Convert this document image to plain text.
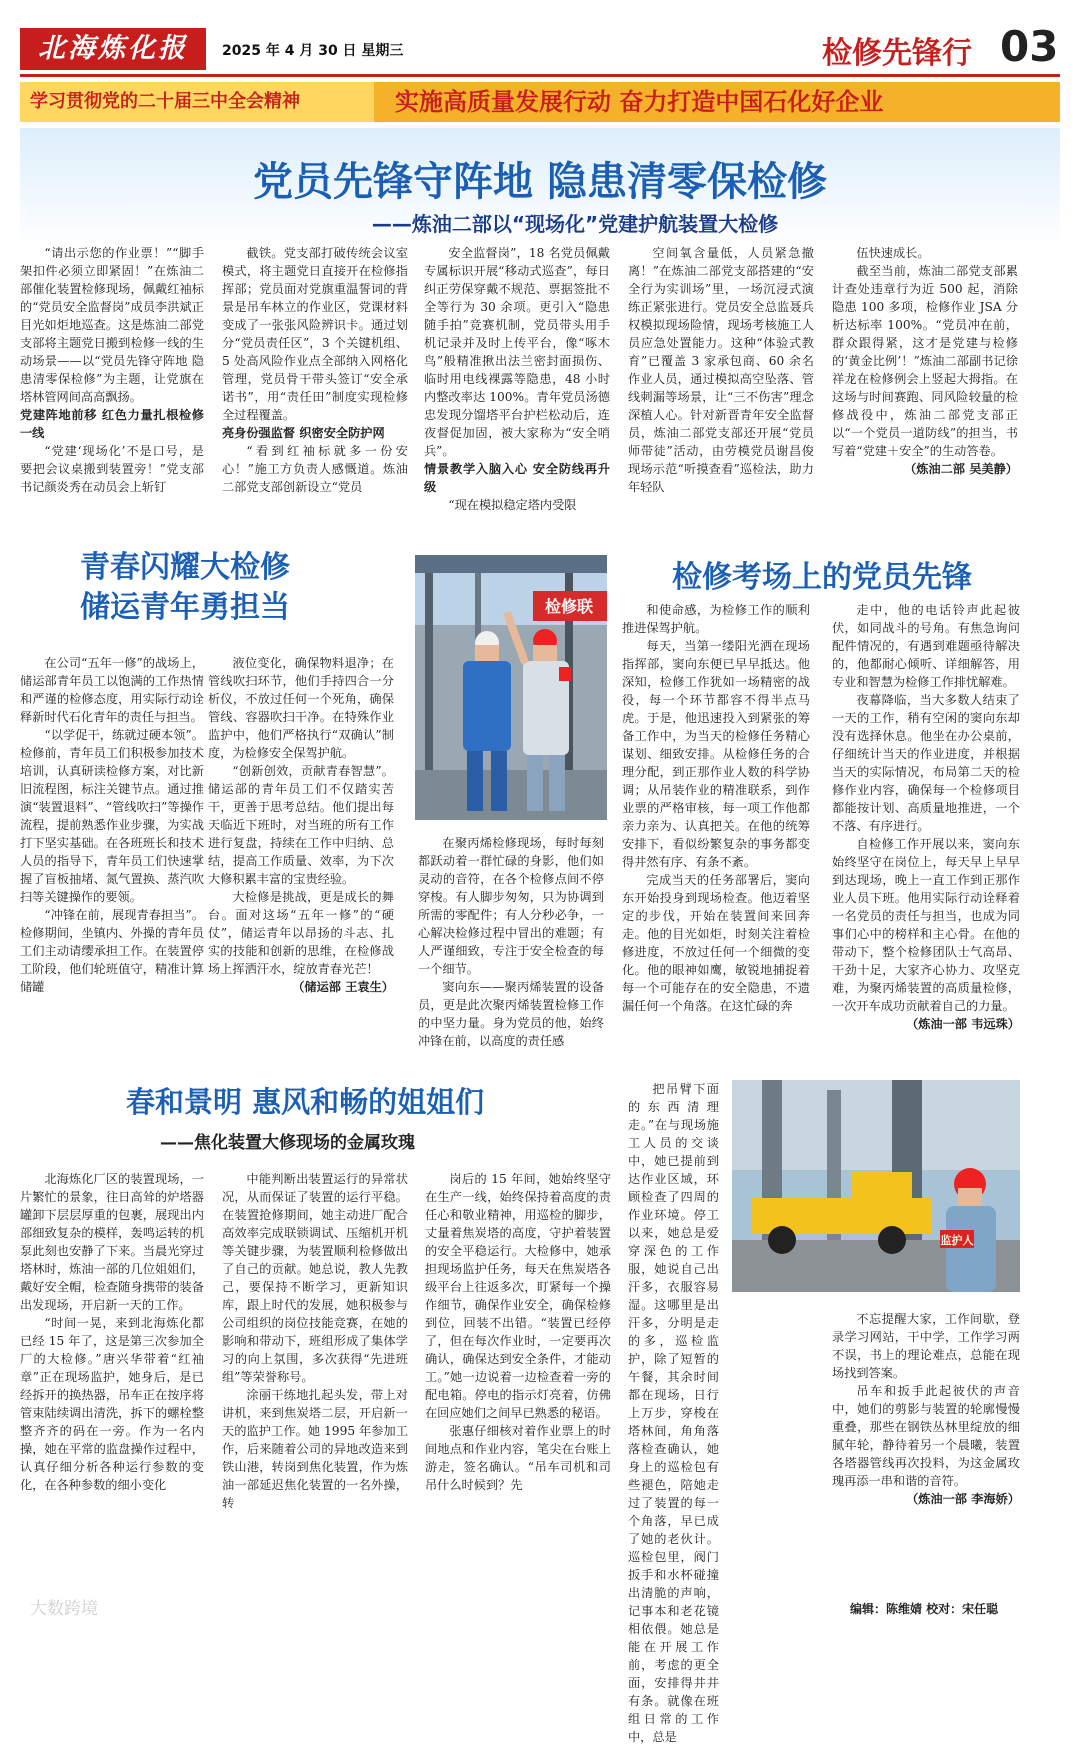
北海炼化报	2025 年 4 月 30 日 星期三	检修先锋行 03
学习贯彻党的二十届三中全会精神	实施高质量发展行动 奋力打造中国石化好企业
党员先锋守阵地 隐患清零保检修
——炼油二部以“现场化”党建护航装置大检修

“请出示您的作业票！”“脚手架扣件必须立即紧固！”在炼油二部催化装置检修现场，佩戴红袖标的“党员安全监督岗”成员李洪斌正目光如炬地巡查。这是炼油二部党支部将主题党日搬到检修一线的生动场景——以“党员先锋守阵地 隐患清零保检修”为主题，让党旗在塔林管网间高高飘扬。

党建阵地前移 红色力量扎根检修一线

“党建‘现场化’不是口号，是要把会议桌搬到装置旁！”党支部书记颜炎秀在动员会上斩钉

截铁。党支部打破传统会议室模式，将主题党日直接开在检修指挥部；党员面对党旗重温誓词的背景是吊车林立的作业区，党课材料变成了一张张风险辨识卡。通过划分“党员责任区”，3 个关键机组、5 处高风险作业点全部纳入网格化管理，党员骨干带头签订“安全承诺书”，用“责任田”制度实现检修全过程覆盖。

亮身份强监督 织密安全防护网

“看到红袖标就多一份安心！”施工方负责人感慨道。炼油二部党支部创新设立“党员

安全监督岗”，18 名党员佩戴专属标识开展“移动式巡查”，每日纠正劳保穿戴不规范、票据签批不全等行为 30 余项。更引入“隐患随手拍”竞赛机制，党员带头用手机记录并及时上传平台，像“啄木鸟”般精准揪出法兰密封面损伤、临时用电线裸露等隐患，48 小时内整改率达 100%。青年党员汤德忠发现分馏塔平台护栏松动后，连夜督促加固，被大家称为“安全哨兵”。

情景教学入脑入心 安全防线再升级

“现在模拟稳定塔内受限

空间氧含量低，人员紧急撤离！”在炼油二部党支部搭建的“安全行为实训场”里，一场沉浸式演练正紧张进行。党员安全总监聂兵权模拟现场险情，现场考核施工人员应急处置能力。这种“体验式教育”已覆盖 3 家承包商、60 余名作业人员，通过模拟高空坠落、管线刺漏等场景，让“三不伤害”理念深植人心。针对新晋青年安全监督员，炼油二部党支部还开展“党员师带徒”活动，由劳模党员谢昌俊现场示范“听摸查看”巡检法，助力年轻队

伍快速成长。

截至当前，炼油二部党支部累计查处违章行为近 500 起，消除隐患 100 多项，检修作业 JSA 分析达标率 100%。“党员冲在前，群众跟得紧，这才是党建与检修的‘黄金比例’！”炼油二部副书记徐祥龙在检修例会上竖起大拇指。在这场与时间赛跑、同风险较量的检修战役中，炼油二部党支部正以“一个党员一道防线”的担当，书写着“党建＋安全”的生动答卷。

（炼油二部 吴美静）

青春闪耀大检修
储运青年勇担当

在公司“五年一修”的战场上，储运部青年员工以饱满的工作热情和严谨的检修态度，用实际行动诠释新时代石化青年的责任与担当。

“以学促干，练就过硬本领”。检修前，青年员工们积极参加技术培训，认真研读检修方案，对比新旧流程图，标注关键节点。通过推演“装置退料”、“管线吹扫”等操作流程，提前熟悉作业步骤，为实战打下坚实基础。在各班班长和技术人员的指导下，青年员工们快速掌握了盲板抽堵、氮气置换、蒸汽吹扫等关键操作的要领。

“冲锋在前，展现青春担当”。检修期间，坐镇内、外操的青年员工们主动请缨承担工作。在装置停工阶段，他们轮班值守，精准计算储罐

液位变化，确保物料退净；在管线吹扫环节，他们手持四合一分析仪，不放过任何一个死角，确保管线、容器吹扫干净。在特殊作业监护中，他们严格执行“双确认”制度，为检修安全保驾护航。

“创新创效，贡献青春智慧”。储运部的青年员工们不仅踏实苦干，更善于思考总结。他们提出每天临近下班时，对当班的所有工作进行复盘，持续在工作中归纳、总结，提高工作质量、效率，为下次大修积累丰富的宝贵经验。

大检修是挑战，更是成长的舞台。面对这场“五年一修”的“硬仗”，储运青年以昂扬的斗志、扎实的技能和创新的思维，在检修战场上挥洒汗水，绽放青春光芒！

（储运部 王袁生）

检修联
检修考场上的党员先锋

在聚丙烯检修现场，每时每刻都跃动着一群忙碌的身影，他们如灵动的音符，在各个检修点间不停穿梭。有人脚步匆匆，只为协调到所需的零配件；有人分秒必争，一心解决检修过程中冒出的难题；有人严谨细致，专注于安全检查的每一个细节。

窦向东——聚丙烯装置的设备员，更是此次聚丙烯装置检修工作的中坚力量。身为党员的他，始终冲锋在前，以高度的责任感

和使命感，为检修工作的顺利推进保驾护航。

每天，当第一缕阳光洒在现场指挥部，窦向东便已早早抵达。他深知，检修工作犹如一场精密的战役，每一个环节都容不得半点马虎。于是，他迅速投入到紧张的筹备工作中，为当天的检修任务精心谋划、细致安排。从检修任务的合理分配，到正那作业人数的科学协调；从吊装作业的精准联系，到作业票的严格审核，每一项工作他都亲力亲为、认真把关。在他的统筹安排下，看似纷繁复杂的事务都变得井然有序、有条不紊。

完成当天的任务部署后，窦向东开始投身到现场检查。他迈着坚定的步伐，开始在装置间来回奔走。他的目光如炬，时刻关注着检修进度，不放过任何一个细微的变化。他的眼神如鹰，敏锐地捕捉着每一个可能存在的安全隐患，不遗漏任何一个角落。在这忙碌的奔

走中，他的电话铃声此起彼伏，如同战斗的号角。有焦急询问配件情况的，有遇到难题亟待解决的，他都耐心倾听、详细解答，用专业和智慧为检修工作排忧解难。

夜幕降临，当大多数人结束了一天的工作，稍有空闲的窦向东却没有选择休息。他坐在办公桌前，仔细统计当天的作业进度，并根据当天的实际情况，布局第二天的检修作业内容，确保每一个检修项目都能按计划、高质量地推进，一个不落、有序进行。

自检修工作开展以来，窦向东始终坚守在岗位上，每天早上早早到达现场，晚上一直工作到正那作业人员下班。他用实际行动诠释着一名党员的责任与担当，也成为同事们心中的榜样和主心骨。在他的带动下，整个检修团队士气高昂、干劲十足，大家齐心协力、攻坚克难，为聚丙烯装置的高质量检修，一次开车成功贡献着自己的力量。

（炼油一部 韦远珠）

春和景明 惠风和畅的姐姐们
——焦化装置大修现场的金属玫瑰

北海炼化厂区的装置现场，一片繁忙的景象，往日高耸的炉塔器罐卸下层层厚重的包裹，展现出内部细致复杂的模样，轰鸣运转的机泵此刻也安静了下来。当晨光穿过塔林时，炼油一部的几位姐姐们，戴好安全帽，检查随身携带的装备出发现场，开启新一天的工作。

“时间一晃，来到北海炼化都已经 15 年了，这是第三次参加全厂的大检修。”唐兴华带着“红袖章”正在现场监护，她身后，是已经拆开的换热器，吊车正在按序将管束陆续调出清洗，拆下的螺栓整整齐齐的码在一旁。作为一名内操，她在平常的监盘操作过程中，认真仔细分析各种运行参数的变化，在各种参数的细小变化

中能判断出装置运行的异常状况，从而保证了装置的运行平稳。在装置抢修期间，她主动进厂配合高效率完成联锁调试、压缩机开机等关键步骤，为装置顺利检修做出了自己的贡献。她总说，教人先教己，要保持不断学习，更新知识库，跟上时代的发展，她积极参与公司组织的岗位技能竞赛，在她的影响和带动下，班组形成了集体学习的向上氛围，多次获得“先进班组”等荣誉称号。

涂丽干练地扎起头发，带上对讲机，来到焦炭塔二层，开启新一天的监护工作。她 1995 年参加工作，后来随着公司的异地改造来到铁山港，转岗到焦化装置，作为炼油一部延迟焦化装置的一名外操，转

岗后的 15 年间，她始终坚守在生产一线，始终保持着高度的责任心和敬业精神，用巡检的脚步，丈量着焦炭塔的高度，守护着装置的安全平稳运行。大检修中，她承担现场监护任务，每天在焦炭塔各级平台上往返多次，盯紧每一个操作细节，确保作业安全，确保检修到位，回装不出错。“装置已经停了，但在每次作业时，一定要再次确认，确保达到安全条件，才能动工。”她一边说着一边检查着一旁的配电箱。停电的指示灯亮着，仿佛在回应她们之间早已熟悉的秘语。

张惠仔细核对着作业票上的时间地点和作业内容，笔尖在台账上游走，签名确认。“吊车司机和司吊什么时候到？先

把吊臂下面的东西清理走。”在与现场施工人员的交谈中，她已提前到达作业区域，环顾检查了四周的作业环境。停工以来，她总是爱穿深色的工作服，她说自己出汗多，衣服容易湿。这哪里是出汗多，分明是走的多，巡检监护，除了短暂的午餐，其余时间都在现场，日行上万步，穿梭在塔林间，角角落落检查确认，她身上的巡检包有些褪色，陪她走过了装置的每一个角落，早已成了她的老伙计。巡检包里，阀门扳手和水杯碰撞出清脆的声响，记事本和老花镜相依偎。她总是能在开展工作前，考虑的更全面，安排得井井有条。就像在班组日常的工作中，总是

不忘提醒大家，工作间歇，登录学习网站，干中学，工作学习两不误，书上的理论难点，总能在现场找到答案。

吊车和扳手此起彼伏的声音中，她们的剪影与装置的轮廓慢慢重叠，那些在钢铁丛林里绽放的细腻年轮，静待着另一个晨曦，装置各塔器管线再次投料，为这金属玫瑰再添一串和谐的音符。

（炼油一部 李海娇）

监护人
编辑：陈维婧 校对：宋任聪
大数跨境
